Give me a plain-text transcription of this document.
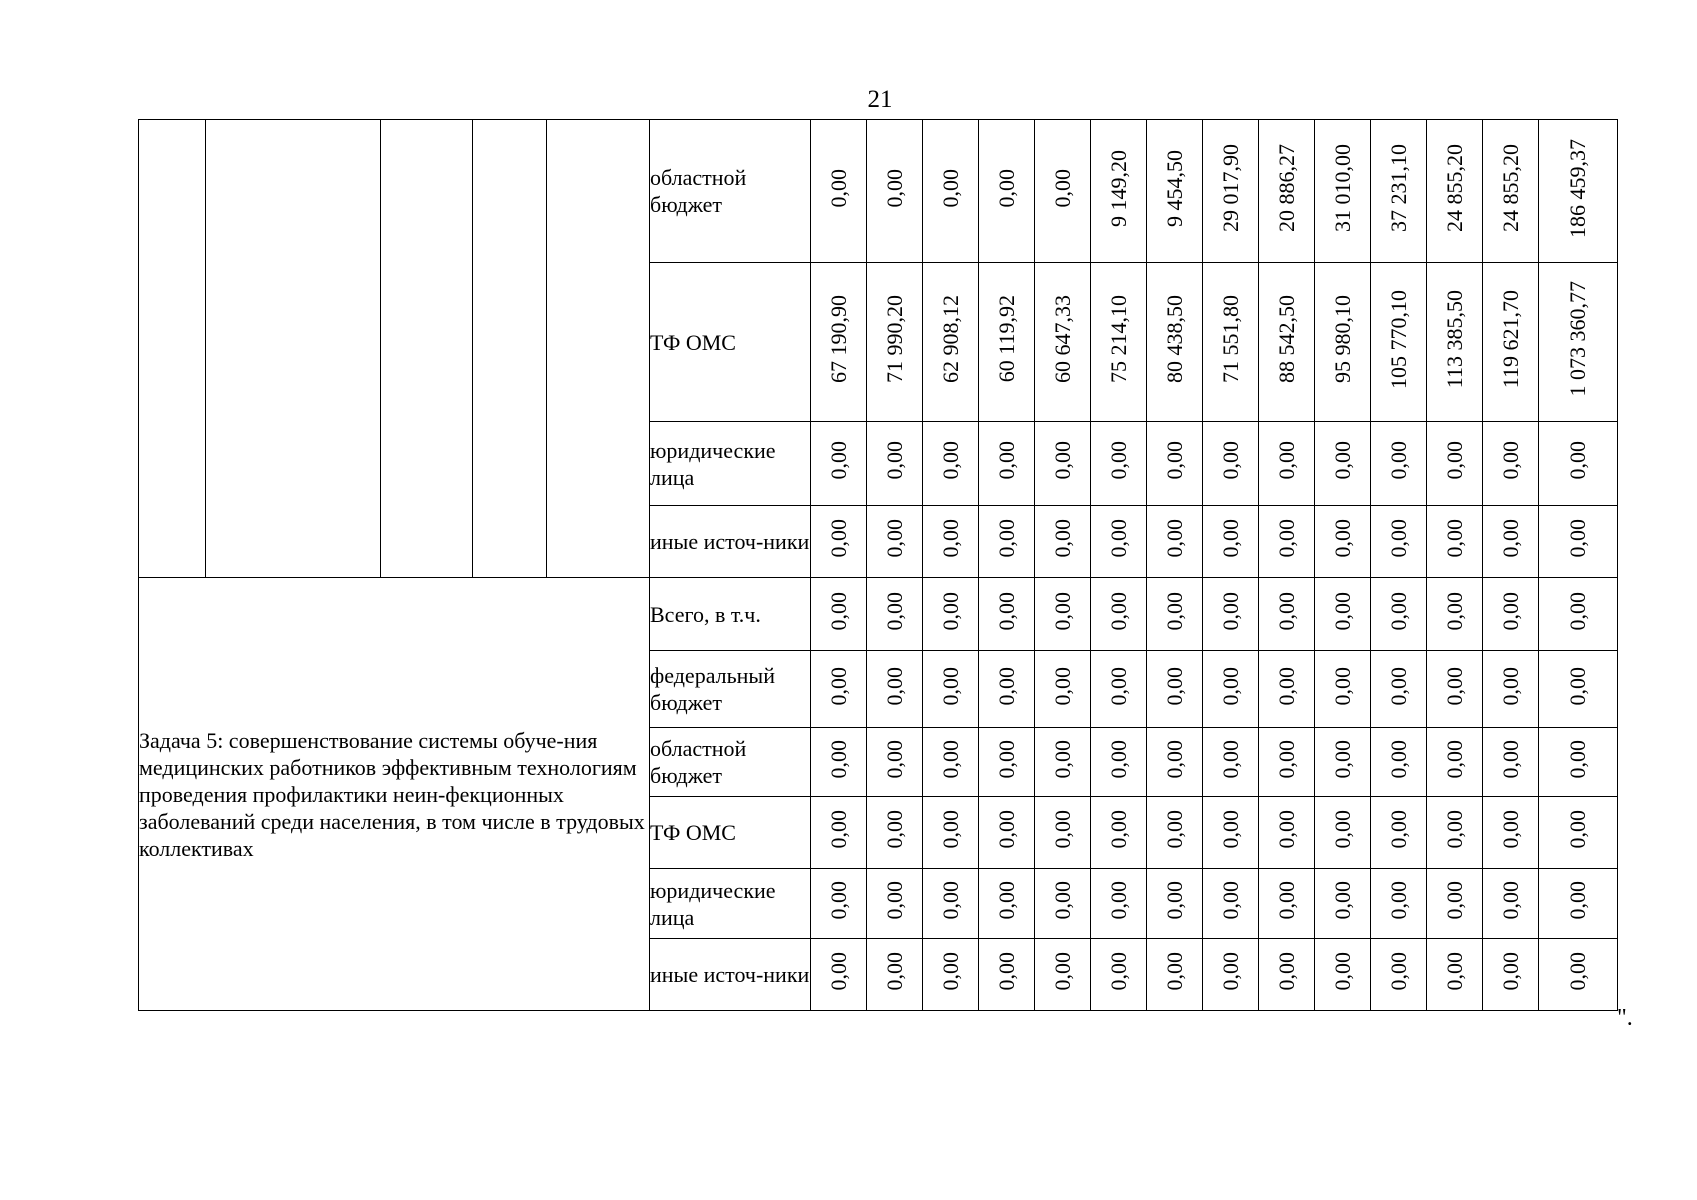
21
					областной бюджет	0,00	0,00	0,00	0,00	0,00	9 149,20	9 454,50	29 017,90	20 886,27	31 010,00	37 231,10	24 855,20	24 855,20	186 459,37
					ТФ ОМС	67 190,90	71 990,20	62 908,12	60 119,92	60 647,33	75 214,10	80 438,50	71 551,80	88 542,50	95 980,10	105 770,10	113 385,50	119 621,70	1 073 360,77
					юридические лица	0,00	0,00	0,00	0,00	0,00	0,00	0,00	0,00	0,00	0,00	0,00	0,00	0,00	0,00
					иные источ-ники	0,00	0,00	0,00	0,00	0,00	0,00	0,00	0,00	0,00	0,00	0,00	0,00	0,00	0,00
Задача 5: совершенствование системы обуче-ния медицинских работников эффективным технологиям проведения профилактики неин-фекционных заболеваний среди населения, в том числе в трудовых коллективах					Всего, в т.ч.	0,00	0,00	0,00	0,00	0,00	0,00	0,00	0,00	0,00	0,00	0,00	0,00	0,00	0,00
					федеральный бюджет	0,00	0,00	0,00	0,00	0,00	0,00	0,00	0,00	0,00	0,00	0,00	0,00	0,00	0,00
					областной бюджет	0,00	0,00	0,00	0,00	0,00	0,00	0,00	0,00	0,00	0,00	0,00	0,00	0,00	0,00
					ТФ ОМС	0,00	0,00	0,00	0,00	0,00	0,00	0,00	0,00	0,00	0,00	0,00	0,00	0,00	0,00
					юридические лица	0,00	0,00	0,00	0,00	0,00	0,00	0,00	0,00	0,00	0,00	0,00	0,00	0,00	0,00
					иные источ-ники	0,00	0,00	0,00	0,00	0,00	0,00	0,00	0,00	0,00	0,00	0,00	0,00	0,00	0,00
".
